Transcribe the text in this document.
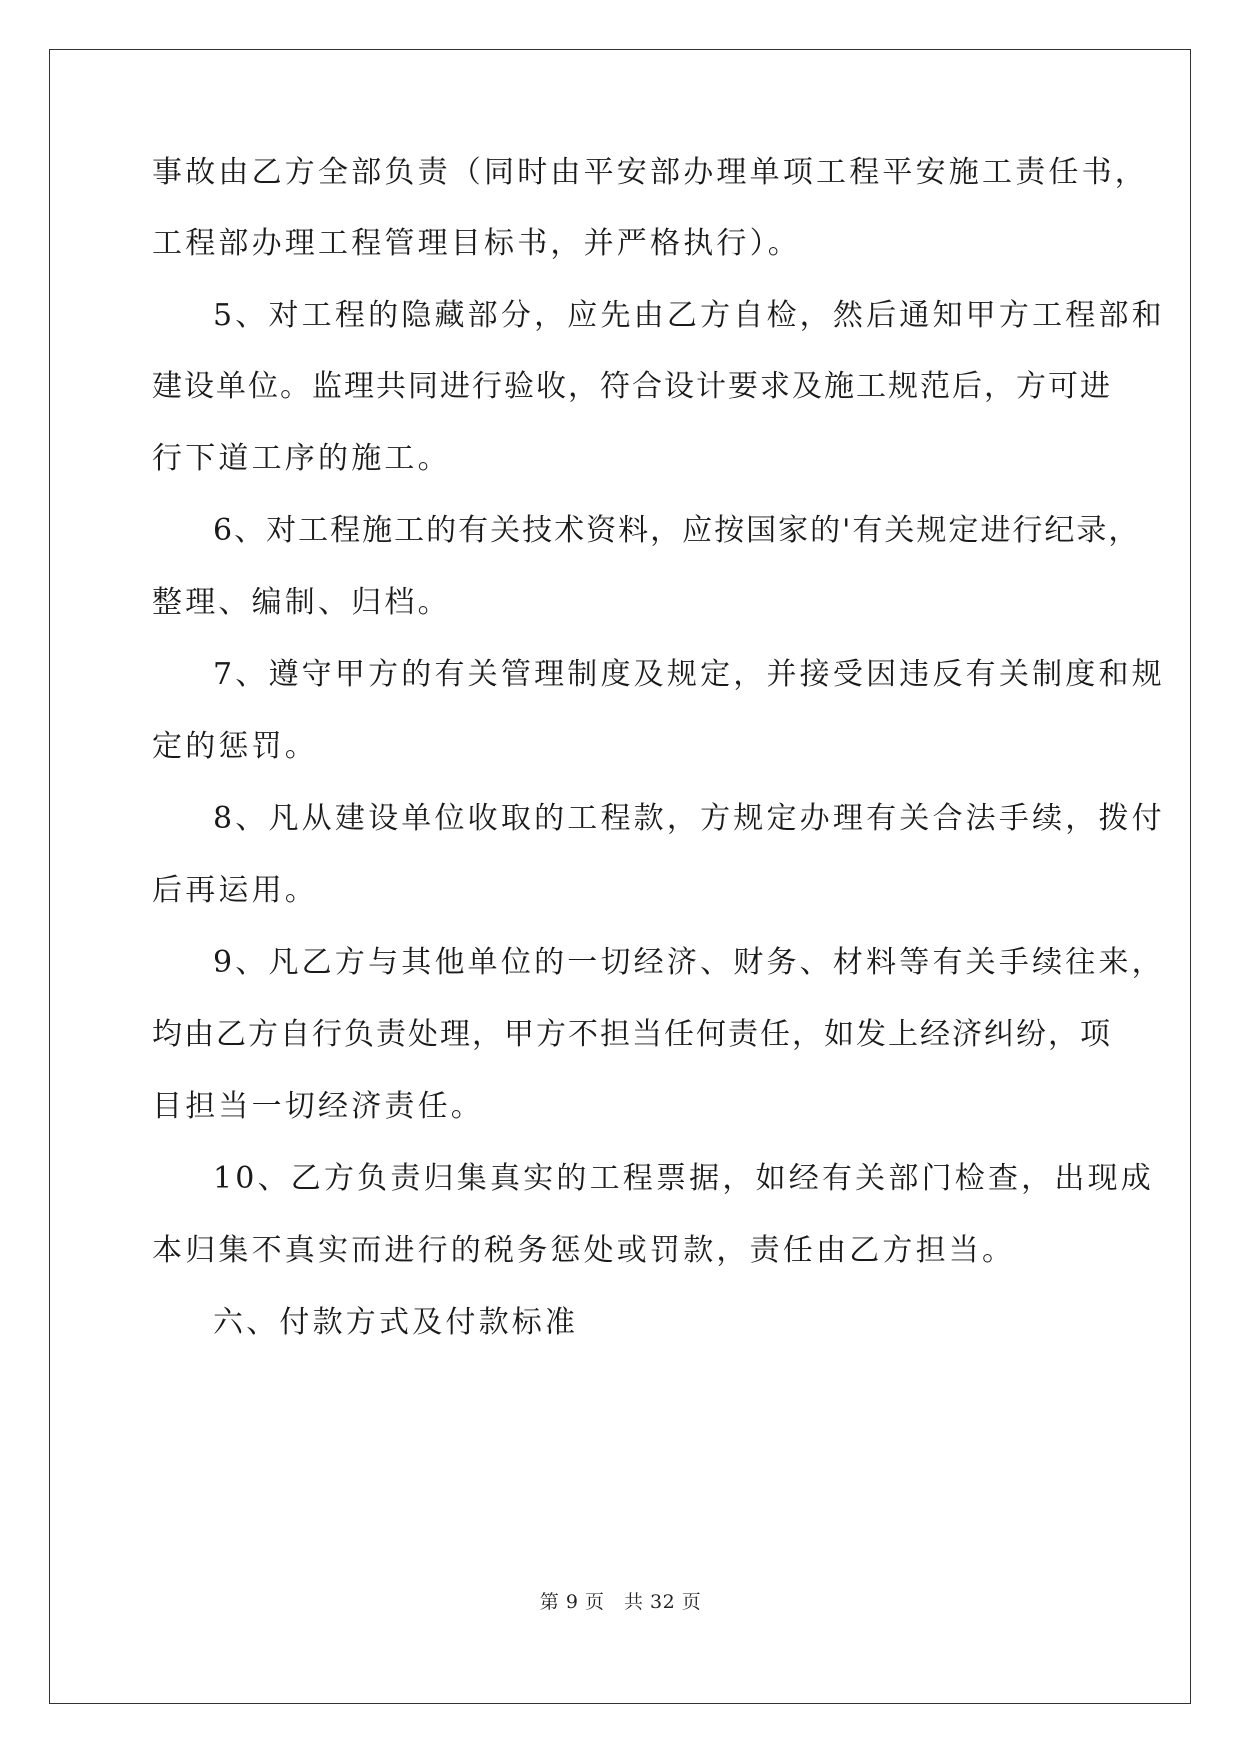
事故由乙方全部负责（同时由平安部办理单项工程平安施工责任书，
工程部办理工程管理目标书，并严格执行）。
5、对工程的隐藏部分，应先由乙方自检，然后通知甲方工程部和
建设单位。监理共同进行验收，符合设计要求及施工规范后，方可进
行下道工序的施工。
6、对工程施工的有关技术资料，应按国家的'有关规定进行纪录，
整理、编制、归档。
7、遵守甲方的有关管理制度及规定，并接受因违反有关制度和规
定的惩罚。
8、凡从建设单位收取的工程款，方规定办理有关合法手续，拨付
后再运用。
9、凡乙方与其他单位的一切经济、财务、材料等有关手续往来，
均由乙方自行负责处理，甲方不担当任何责任，如发上经济纠纷，项
目担当一切经济责任。
10、乙方负责归集真实的工程票据，如经有关部门检查，出现成
本归集不真实而进行的税务惩处或罚款，责任由乙方担当。
六、付款方式及付款标准
第 9 页　共 32 页
